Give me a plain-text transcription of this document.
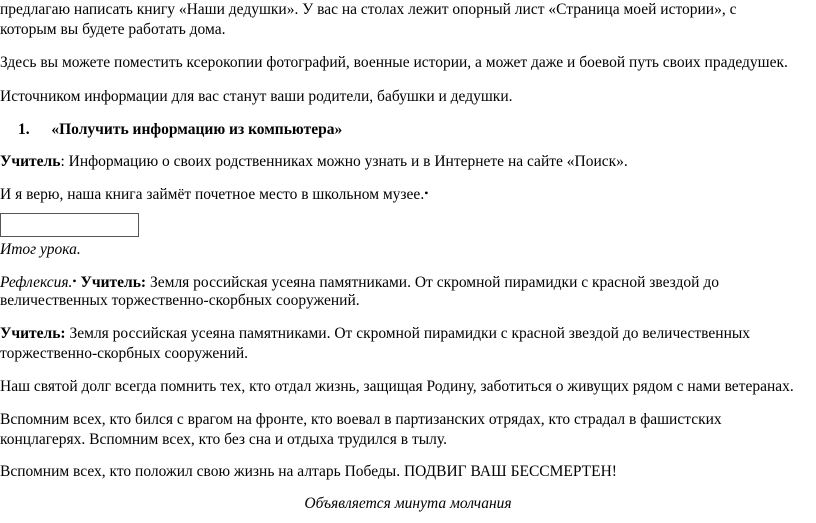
предлагаю написать книгу «Наши дедушки». У вас на столах лежит опорный лист «Страница моей истории», с
которым вы будете работать дома.
Здесь вы можете поместить ксерокопии фотографий, военные истории, а может даже и боевой путь своих прадедушек.
Источником информации для вас станут ваши родители, бабушки и дедушки.
1. «Получить информацию из компьютера»
Учитель: Информацию о своих родственниках можно узнать и в Интернете на сайте «Поиск».
И я верю, наша книга займёт почетное место в школьном музее.•
Итог урока.
Рефлексия.• Учитель: Земля российская усеяна памятниками. От скромной пирамидки с красной звездой до
величественных торжественно-скорбных сооружений.
Учитель: Земля российская усеяна памятниками. От скромной пирамидки с красной звездой до величественных
торжественно-скорбных сооружений.
Наш святой долг всегда помнить тех, кто отдал жизнь, защищая Родину, заботиться о живущих рядом с нами ветеранах.
Вспомним всех, кто бился с врагом на фронте, кто воевал в партизанских отрядах, кто страдал в фашистских
концлагерях. Вспомним всех, кто без сна и отдыха трудился в тылу.
Вспомним всех, кто положил свою жизнь на алтарь Победы. ПОДВИГ ВАШ БЕССМЕРТЕН!
Объявляется минута молчания
